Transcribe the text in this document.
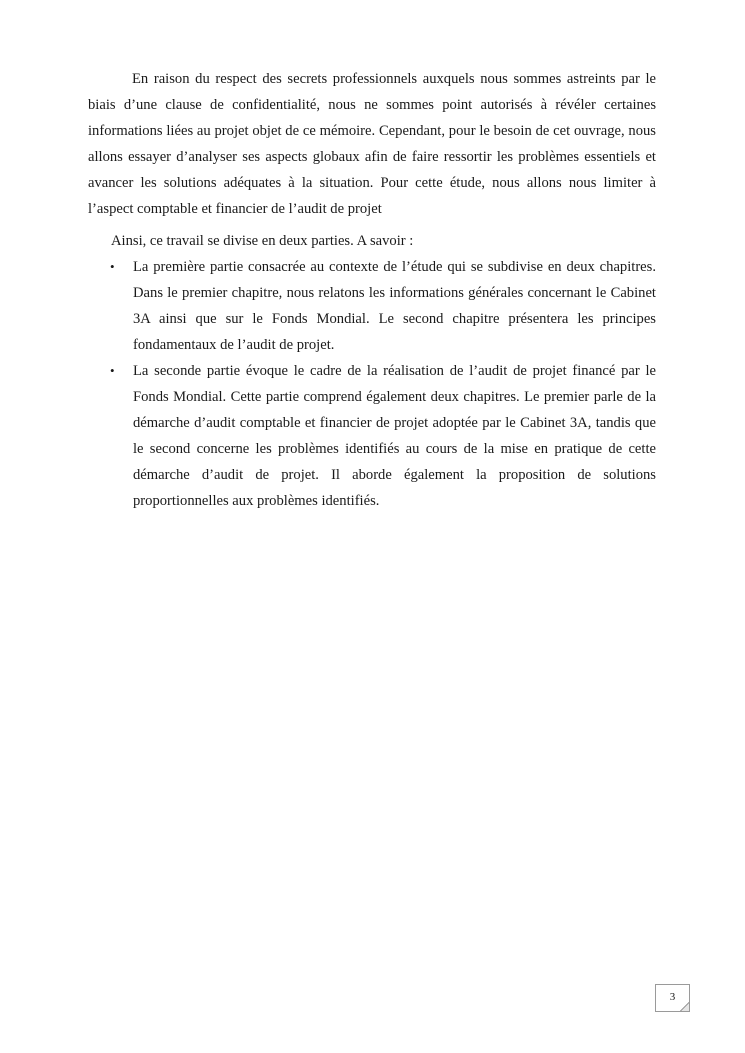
En raison du respect des secrets professionnels auxquels nous sommes astreints par le biais d’une clause de confidentialité, nous ne sommes point autorisés à révéler certaines informations liées au projet objet de ce mémoire. Cependant, pour le besoin de cet ouvrage, nous allons essayer d’analyser ses aspects globaux afin de faire ressortir les problèmes essentiels et avancer les solutions adéquates à la situation. Pour cette étude, nous allons nous limiter à l’aspect comptable et financier de l’audit de projet

Ainsi, ce travail se divise en deux parties. A savoir :

• La première partie consacrée au contexte de l’étude qui se subdivise en deux chapitres. Dans le premier chapitre, nous relatons les informations générales concernant le Cabinet 3A ainsi que sur le Fonds Mondial. Le second chapitre présentera les principes fondamentaux de l’audit de projet.
• La seconde partie évoque le cadre de la réalisation de l’audit de projet financé par le Fonds Mondial. Cette partie comprend également deux chapitres. Le premier parle de la démarche d’audit comptable et financier de projet adoptée par le Cabinet 3A, tandis que le second concerne les problèmes identifiés au cours de la mise en pratique de cette démarche d’audit de projet. Il aborde également la proposition de solutions proportionnelles aux problèmes identifiés.
3
